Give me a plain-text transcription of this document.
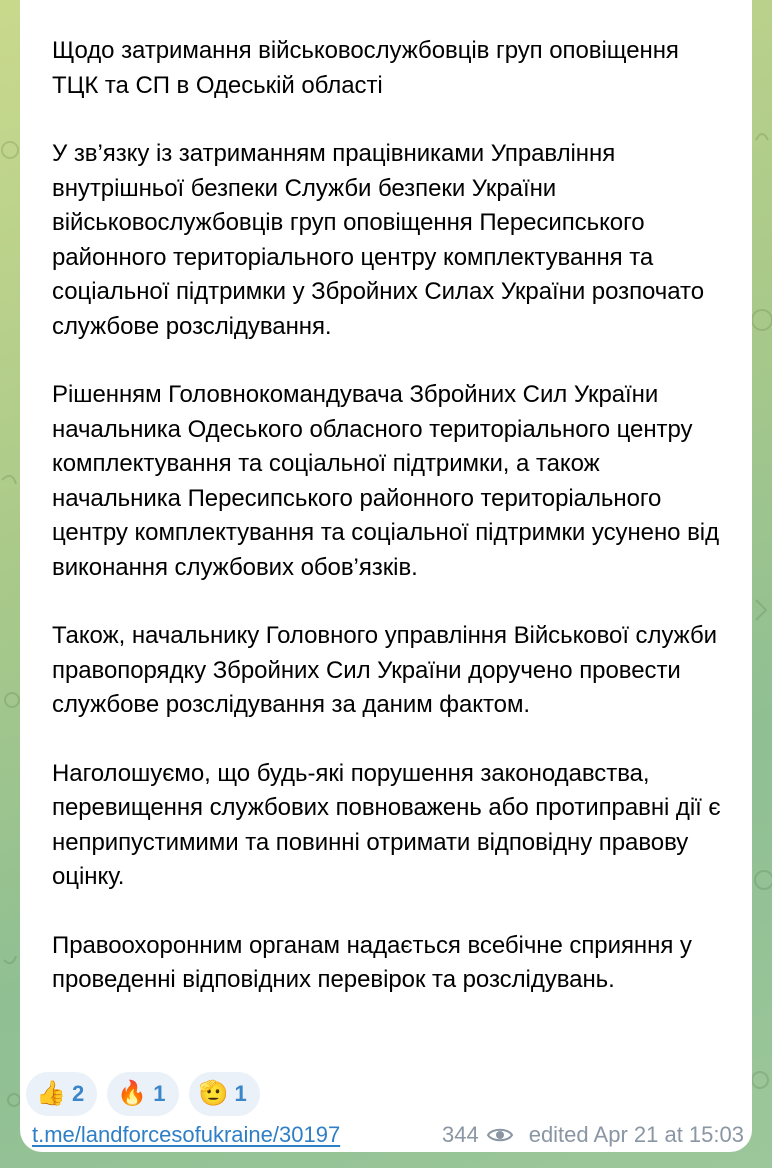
Щодо затримання військовослужбовців груп оповіщення ТЦК та СП в Одеській області

У зв’язку із затриманням працівниками Управління внутрішньої безпеки Служби безпеки України військовослужбовців груп оповіщення Пересипського районного територіального центру комплектування та соціальної підтримки у Збройних Силах України розпочато службове розслідування.

Рішенням Головнокомандувача Збройних Сил України начальника Одеського обласного територіального центру комплектування та соціальної підтримки, а також начальника Пересипського районного територіального центру комплектування та соціальної підтримки усунено від виконання службових обов’язків.

Також, начальнику Головного управління Військової служби правопорядку Збройних Сил України доручено провести службове розслідування за даним фактом.

Наголошуємо, що будь-які порушення законодавства, перевищення службових повноважень або протиправні дії є неприпустимими та повинні отримати відповідну правову оцінку.

Правоохоронним органам надається всебічне сприяння у проведенні відповідних перевірок та розслідувань.

👍 2 🔥 1 🫡 1
t.me/landforcesofukraine/30197	344 edited Apr 21 at 15:03
